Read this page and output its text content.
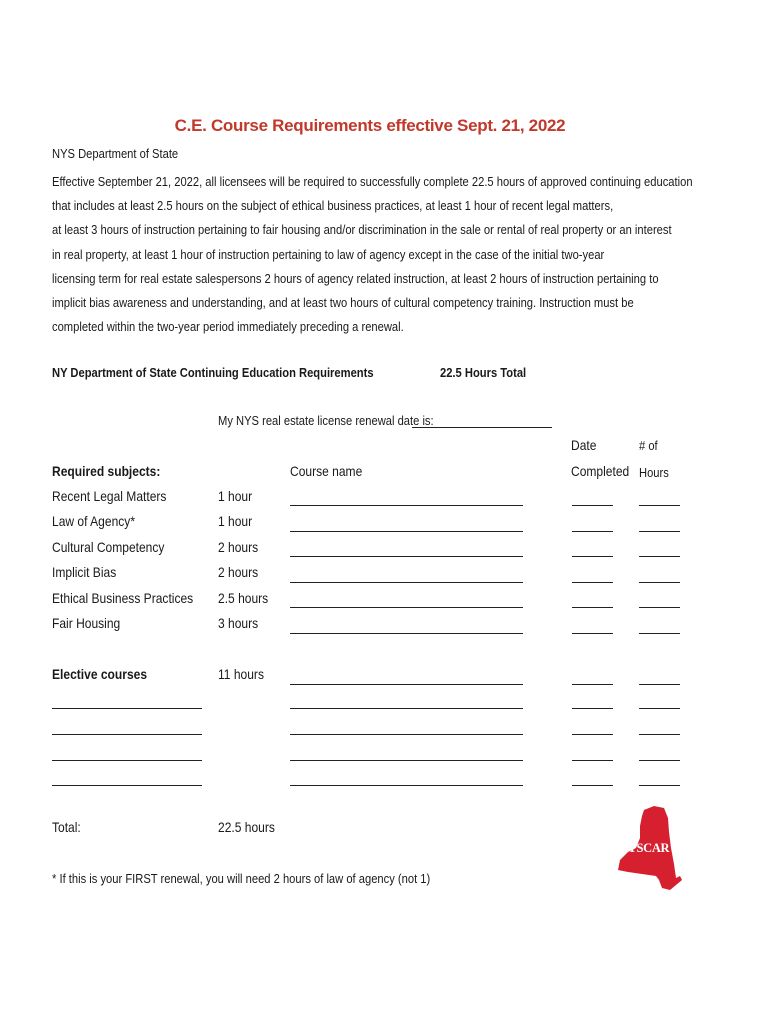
C.E. Course Requirements effective Sept. 21, 2022
NYS Department of State
Effective September 21, 2022, all licensees will be required to successfully complete 22.5 hours of approved continuing education
that includes at least 2.5 hours on the subject of ethical business practices, at least 1 hour of recent legal matters,
at least 3 hours of instruction pertaining to fair housing and/or discrimination in the sale or rental of real property or an interest
in real property, at least 1 hour of instruction pertaining to law of agency except in the case of the initial two-year
licensing term for real estate salespersons 2 hours of agency related instruction, at least 2 hours of instruction pertaining to
implicit bias awareness and understanding, and at least two hours of cultural competency training. Instruction must be
completed within the two-year period immediately preceding a renewal.
NY Department of State Continuing Education Requirements	22.5 Hours Total
My NYS real estate license renewal date is:
Date	# of
Completed Hours
Required subjects:	Course name
Recent Legal Matters	1 hour
Law of Agency*	1 hour
Cultural Competency	2 hours
Implicit Bias	2 hours
Ethical Business Practices 2.5 hours
Fair Housing	3 hours
Elective courses	11 hours
Total:	22.5 hours
NYSCAR
* If this is your FIRST renewal, you will need 2 hours of law of agency (not 1)
